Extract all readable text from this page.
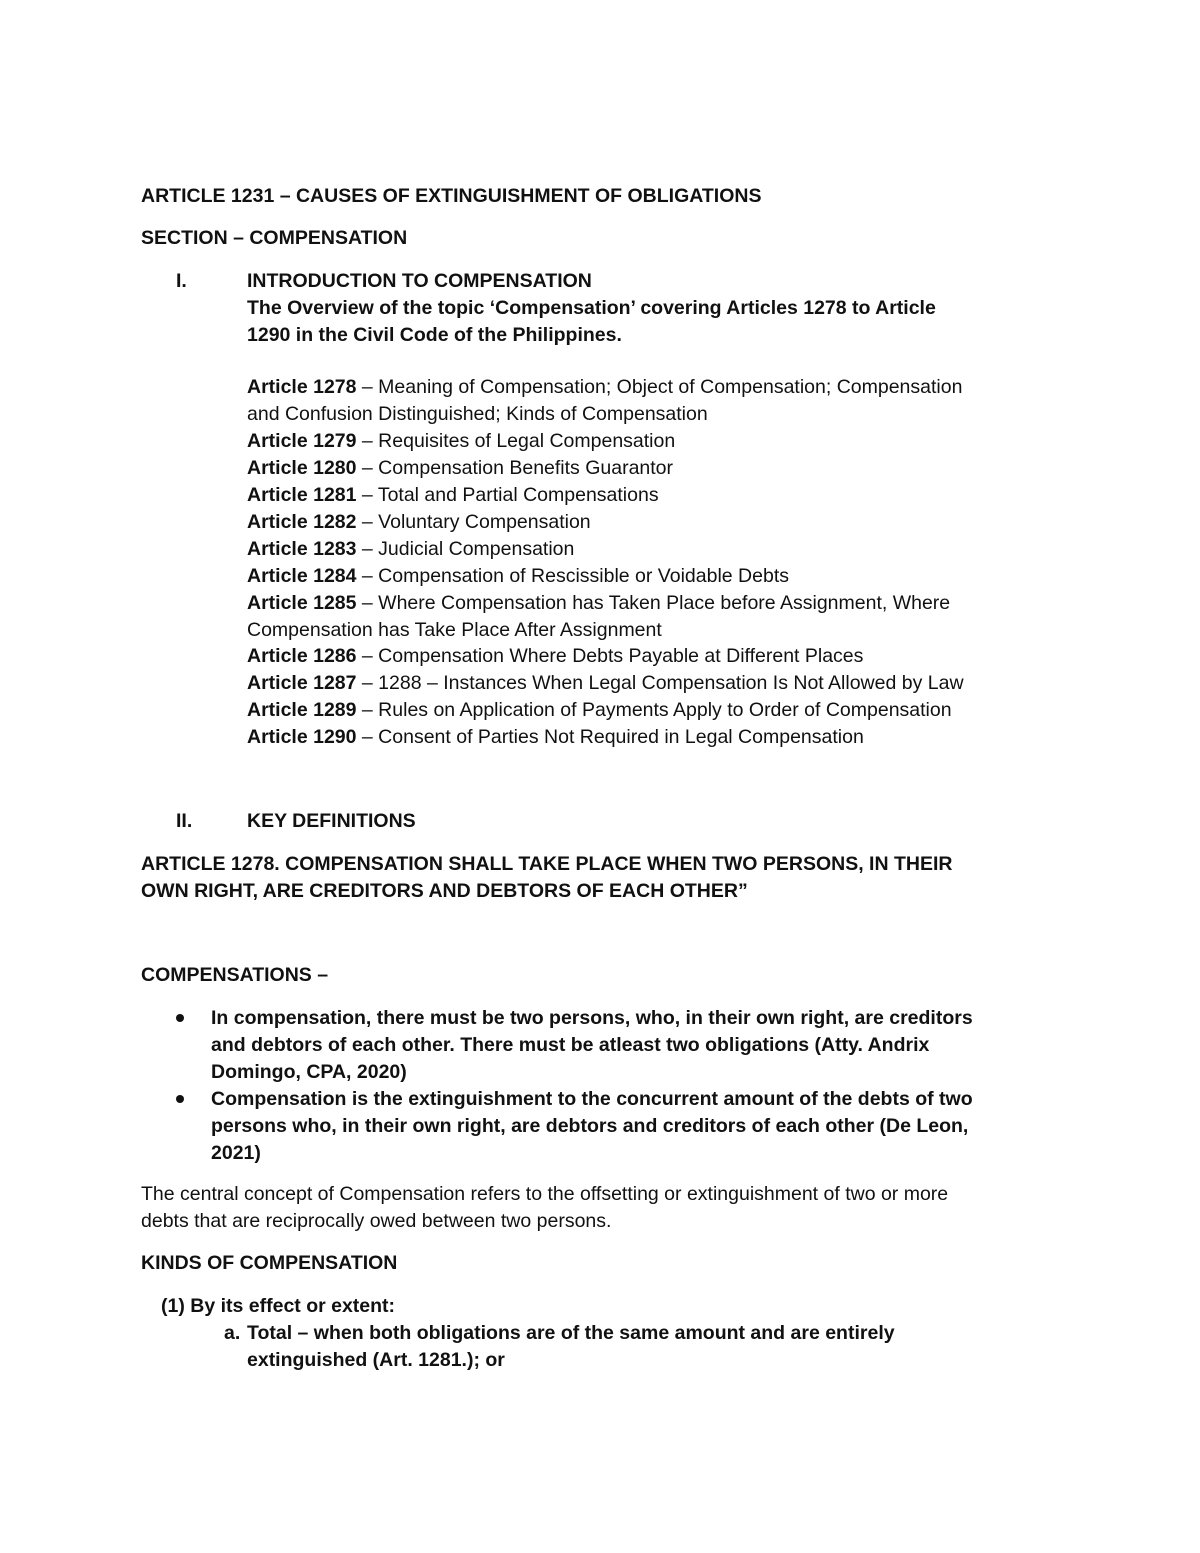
ARTICLE 1231 – CAUSES OF EXTINGUISHMENT OF OBLIGATIONS
SECTION – COMPENSATION
I.	INTRODUCTION TO COMPENSATION
The Overview of the topic ‘Compensation’ covering Articles 1278 to Article
1290 in the Civil Code of the Philippines.
Article 1278 – Meaning of Compensation; Object of Compensation; Compensation
and Confusion Distinguished; Kinds of Compensation
Article 1279 – Requisites of Legal Compensation
Article 1280 – Compensation Benefits Guarantor
Article 1281 – Total and Partial Compensations
Article 1282 – Voluntary Compensation
Article 1283 – Judicial Compensation
Article 1284 – Compensation of Rescissible or Voidable Debts
Article 1285 – Where Compensation has Taken Place before Assignment, Where
Compensation has Take Place After Assignment
Article 1286 – Compensation Where Debts Payable at Different Places
Article 1287 – 1288 – Instances When Legal Compensation Is Not Allowed by Law
Article 1289 – Rules on Application of Payments Apply to Order of Compensation
Article 1290 – Consent of Parties Not Required in Legal Compensation
II.	KEY DEFINITIONS
ARTICLE 1278. COMPENSATION SHALL TAKE PLACE WHEN TWO PERSONS, IN THEIR
OWN RIGHT, ARE CREDITORS AND DEBTORS OF EACH OTHER”
COMPENSATIONS –
In compensation, there must be two persons, who, in their own right, are creditors
and debtors of each other. There must be atleast two obligations (Atty. Andrix
Domingo, CPA, 2020)
Compensation is the extinguishment to the concurrent amount of the debts of two
persons who, in their own right, are debtors and creditors of each other (De Leon,
2021)
The central concept of Compensation refers to the offsetting or extinguishment of two or more
debts that are reciprocally owed between two persons.
KINDS OF COMPENSATION
(1) By its effect or extent:
a. Total – when both obligations are of the same amount and are entirely
extinguished (Art. 1281.); or
